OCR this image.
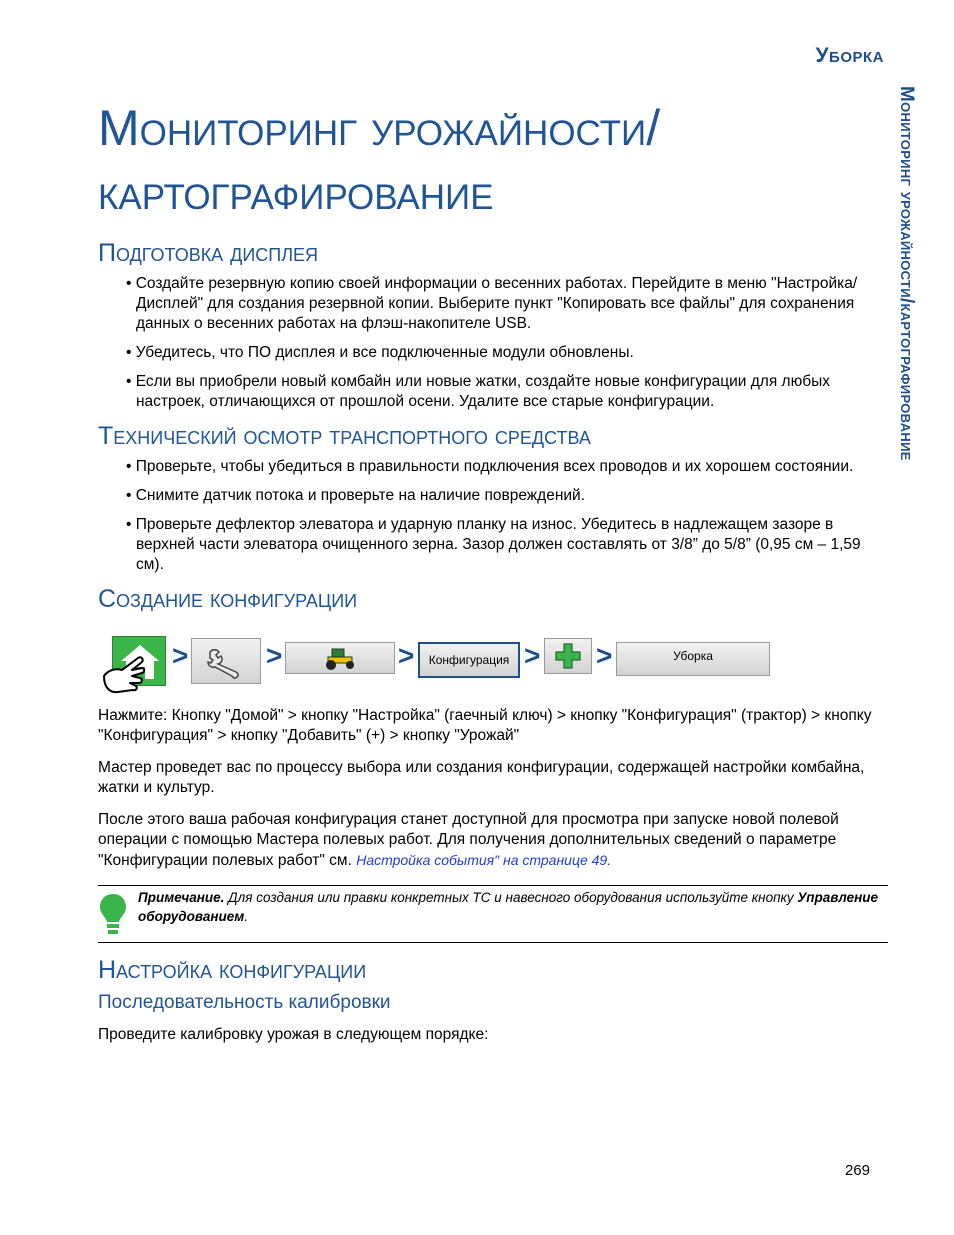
Уборка
Мониторинг урожайности/картографирование
Мониторинг урожайности/картографирование
Подготовка дисплея
• Создайте резервную копию своей информации о весенних работах. Перейдите в меню "Настройка/Дисплей" для создания резервной копии. Выберите пункт "Копировать все файлы" для сохранения данных о весенних работах на флэш-накопителе USB.
• Убедитесь, что ПО дисплея и все подключенные модули обновлены.
• Если вы приобрели новый комбайн или новые жатки, создайте новые конфигурации для любых настроек, отличающихся от прошлой осени. Удалите все старые конфигурации.
Технический осмотр транспортного средства
• Проверьте, чтобы убедиться в правильности подключения всех проводов и их хорошем состоянии.
• Снимите датчик потока и проверьте на наличие повреждений.
• Проверьте дефлектор элеватора и ударную планку на износ. Убедитесь в надлежащем зазоре в верхней части элеватора очищенного зерна. Зазор должен составлять от 3/8” до 5/8” (0,95 см – 1,59 см).
Создание конфигурации
>	>	>	Конфигурация > >	Уборка

Нажмите: Кнопку "Домой" > кнопку "Настройка" (гаечный ключ) > кнопку "Конфигурация" (трактор) > кнопку "Конфигурация" > кнопку "Добавить" (+) > кнопку "Урожай"

Мастер проведет вас по процессу выбора или создания конфигурации, содержащей настройки комбайна, жатки и культур.

После этого ваша рабочая конфигурация станет доступной для просмотра при запуске новой полевой операции с помощью Мастера полевых работ. Для получения дополнительных сведений о параметре "Конфигурации полевых работ" см. Настройка события" на странице 49.

Примечание. Для создания или правки конкретных ТС и навесного оборудования используйте кнопку Управление оборудованием.
Настройка конфигурации
Последовательность калибровки

Проведите калибровку урожая в следующем порядке:

269
